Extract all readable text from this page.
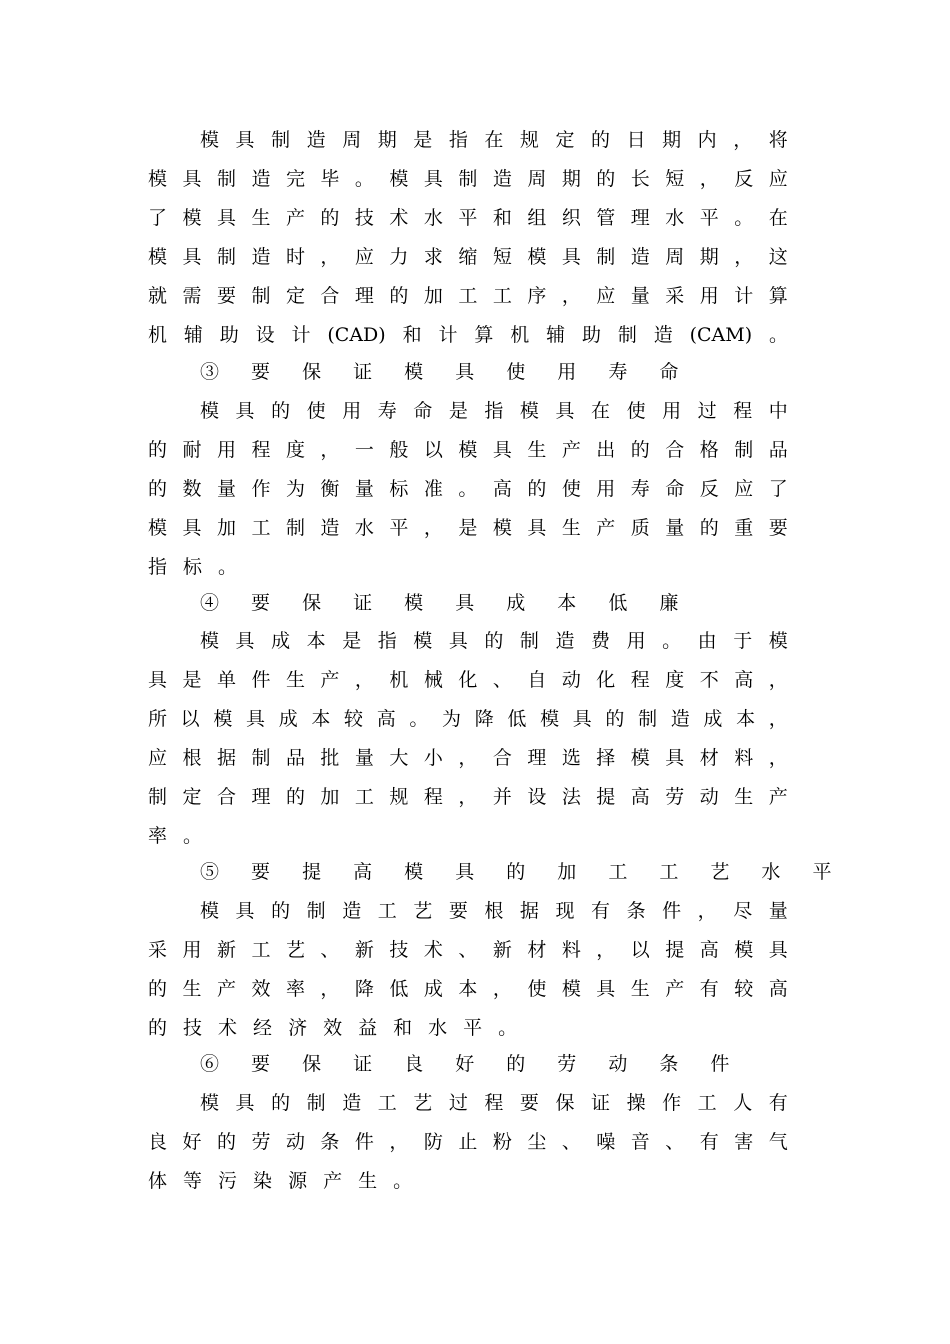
模 具 制 造 周 期 是 指 在 规 定 的 日 期 内 ， 将
模 具 制 造 完 毕 。 模 具 制 造 周 期 的 长 短 ， 反 应
了 模 具 生 产 的 技 术 水 平 和 组 织 管 理 水 平 。 在
模 具 制 造 时 ， 应 力 求 缩 短 模 具 制 造 周 期 ， 这
就 需 要 制 定 合 理 的 加 工 工 序 ， 应 量 采 用 计 算
机 辅 助 设 计 (CAD) 和 计 算 机 辅 助 制 造 (CAM) 。
③ 要 保 证 模 具 使 用 寿 命
模 具 的 使 用 寿 命 是 指 模 具 在 使 用 过 程 中
的 耐 用 程 度 ， 一 般 以 模 具 生 产 出 的 合 格 制 品
的 数 量 作 为 衡 量 标 准 。 高 的 使 用 寿 命 反 应 了
模 具 加 工 制 造 水 平 ， 是 模 具 生 产 质 量 的 重 要
指 标 。
④ 要 保 证 模 具 成 本 低 廉
模 具 成 本 是 指 模 具 的 制 造 费 用 。 由 于 模
具 是 单 件 生 产 ， 机 械 化 、 自 动 化 程 度 不 高 ，
所 以 模 具 成 本 较 高 。 为 降 低 模 具 的 制 造 成 本 ，
应 根 据 制 品 批 量 大 小 ， 合 理 选 择 模 具 材 料 ，
制 定 合 理 的 加 工 规 程 ， 并 设 法 提 高 劳 动 生 产
率 。
⑤ 要 提 高 模 具 的 加 工 工 艺 水 平
模 具 的 制 造 工 艺 要 根 据 现 有 条 件 ， 尽 量
采 用 新 工 艺 、 新 技 术 、 新 材 料 ， 以 提 高 模 具
的 生 产 效 率 ， 降 低 成 本 ， 使 模 具 生 产 有 较 高
的 技 术 经 济 效 益 和 水 平 。
⑥ 要 保 证 良 好 的 劳 动 条 件
模 具 的 制 造 工 艺 过 程 要 保 证 操 作 工 人 有
良 好 的 劳 动 条 件 ， 防 止 粉 尘 、 噪 音 、 有 害 气
体 等 污 染 源 产 生 。
